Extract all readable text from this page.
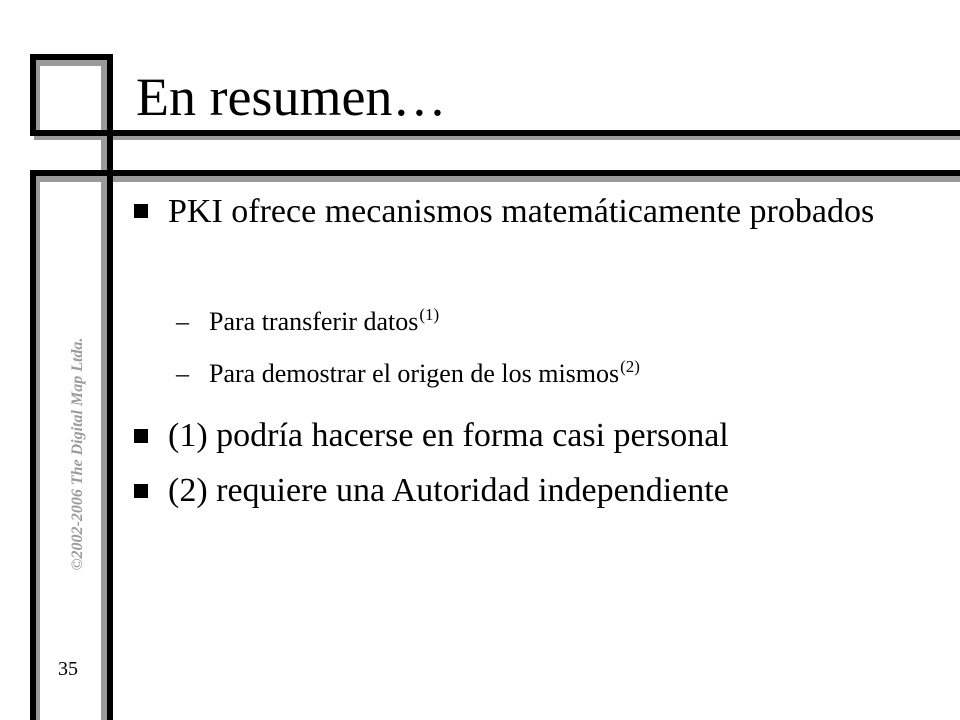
En resumen…
©2002-2006 The Digital Map Ltda.
35
PKI ofrece mecanismos matemáticamente probados
– Para transferir datos$^{(1)}$
– Para demostrar el origen de los mismos$^{(2)}$
(1) podría hacerse en forma casi personal
(2) requiere una Autoridad independiente
